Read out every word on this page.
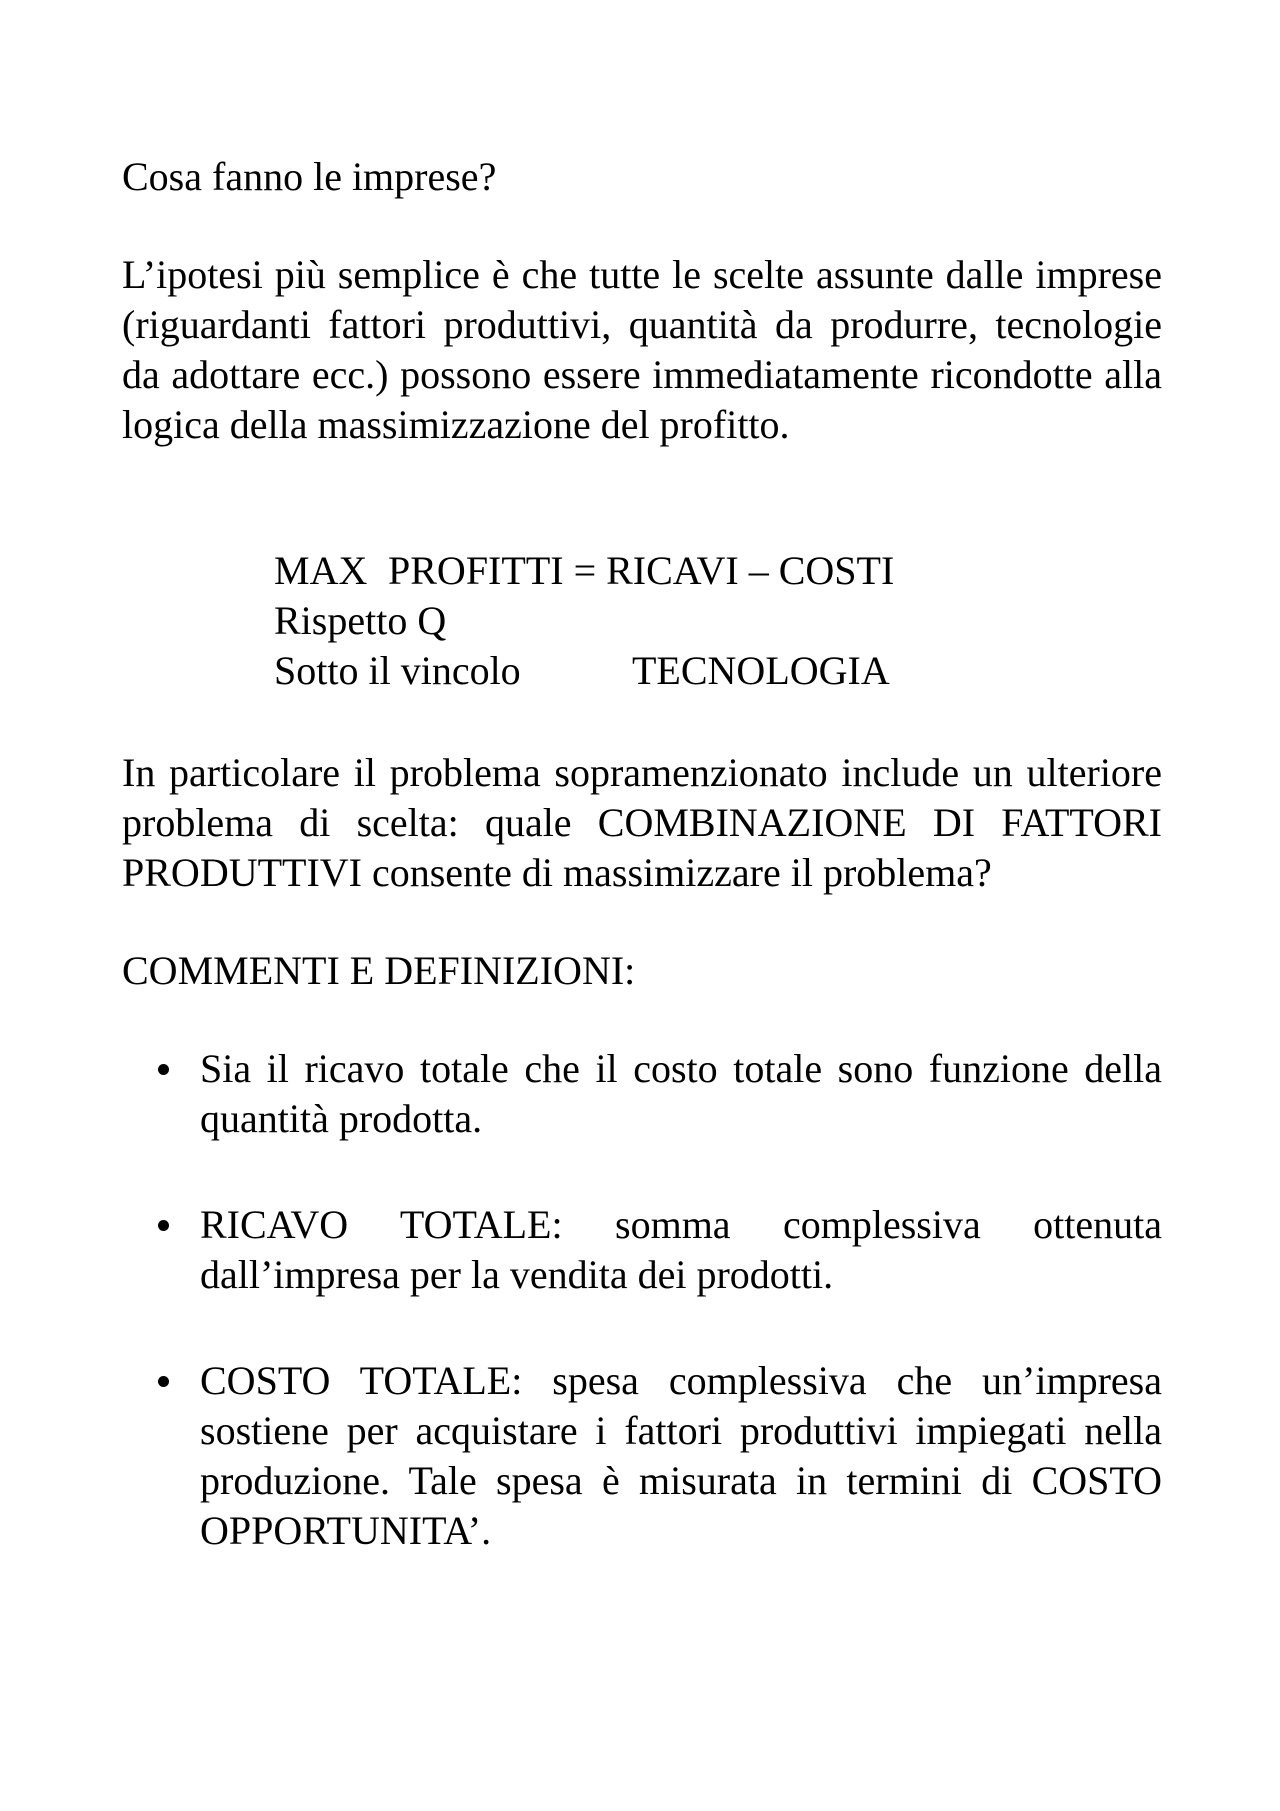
Cosa fanno le imprese?

L’ipotesi più semplice è che tutte le scelte assunte dalle imprese (riguardanti fattori produttivi, quantità da produrre, tecnologie da adottare ecc.) possono essere immediatamente ricondotte alla logica della massimizzazione del profitto.

MAX PROFITTI = RICAVI – COSTI
Rispetto Q
Sotto il vincolo	TECNOLOGIA

In particolare il problema sopramenzionato include un ulteriore problema di scelta: quale COMBINAZIONE DI FATTORI PRODUTTIVI consente di massimizzare il problema?

COMMENTI E DEFINIZIONI:

Sia il ricavo totale che il costo totale sono funzione della quantità prodotta.
RICAVO TOTALE: somma complessiva ottenuta dall’impresa per la vendita dei prodotti.
COSTO TOTALE: spesa complessiva che un’impresa sostiene per acquistare i fattori produttivi impiegati nella produzione. Tale spesa è misurata in termini di COSTO OPPORTUNITA’.
